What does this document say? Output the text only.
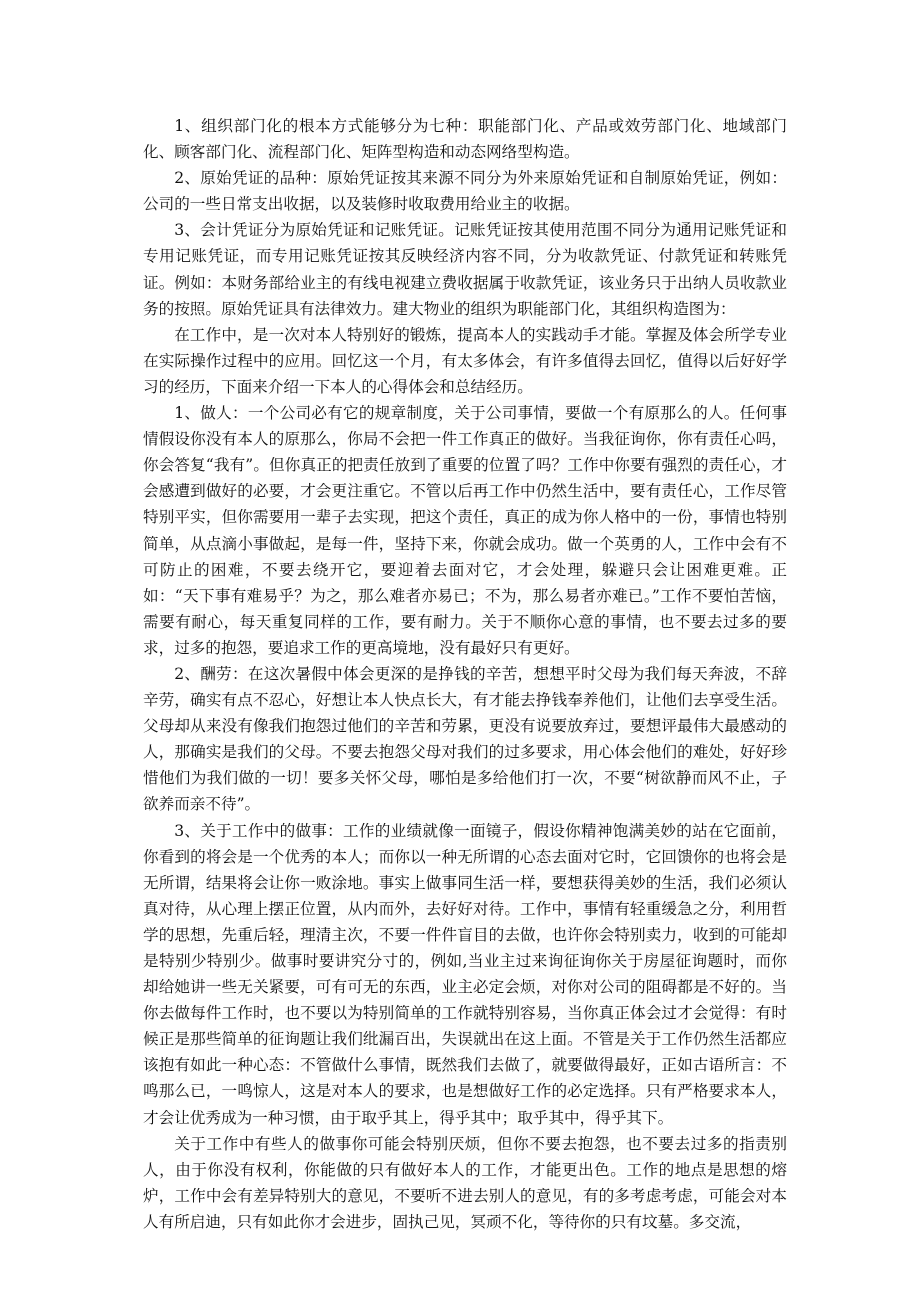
1、组织部门化的根本方式能够分为七种：职能部门化、产品或效劳部门化、地域部门化、顾客部门化、流程部门化、矩阵型构造和动态网络型构造。

2、原始凭证的品种：原始凭证按其来源不同分为外来原始凭证和自制原始凭证，例如：公司的一些日常支出收据，以及装修时收取费用给业主的收据。

3、会计凭证分为原始凭证和记账凭证。记账凭证按其使用范围不同分为通用记账凭证和专用记账凭证，而专用记账凭证按其反映经济内容不同，分为收款凭证、付款凭证和转账凭证。例如：本财务部给业主的有线电视建立费收据属于收款凭证，该业务只于出纳人员收款业务的按照。原始凭证具有法律效力。建大物业的组织为职能部门化，其组织构造图为：

在工作中，是一次对本人特别好的锻炼，提高本人的实践动手才能。掌握及体会所学专业在实际操作过程中的应用。回忆这一个月，有太多体会，有许多值得去回忆，值得以后好好学习的经历，下面来介绍一下本人的心得体会和总结经历。

1、做人：一个公司必有它的规章制度，关于公司事情，要做一个有原那么的人。任何事情假设你没有本人的原那么，你局不会把一件工作真正的做好。当我征询你，你有责任心吗，你会答复“我有”。但你真正的把责任放到了重要的位置了吗？工作中你要有强烈的责任心，才会感遭到做好的必要，才会更注重它。不管以后再工作中仍然生活中，要有责任心，工作尽管特别平实，但你需要用一辈子去实现，把这个责任，真正的成为你人格中的一份，事情也特别简单，从点滴小事做起，是每一件，坚持下来，你就会成功。做一个英勇的人，工作中会有不可防止的困难，不要去绕开它，要迎着去面对它，才会处理，躲避只会让困难更难。正如：“天下事有难易乎？为之，那么难者亦易已；不为，那么易者亦难已。”工作不要怕苦恼，需要有耐心，每天重复同样的工作，要有耐力。关于不顺你心意的事情，也不要去过多的要求，过多的抱怨，要追求工作的更高境地，没有最好只有更好。

2、酬劳：在这次暑假中体会更深的是挣钱的辛苦，想想平时父母为我们每天奔波，不辞辛劳，确实有点不忍心，好想让本人快点长大，有才能去挣钱奉养他们，让他们去享受生活。父母却从来没有像我们抱怨过他们的辛苦和劳累，更没有说要放弃过，要想评最伟大最感动的人，那确实是我们的父母。不要去抱怨父母对我们的过多要求，用心体会他们的难处，好好珍惜他们为我们做的一切！要多关怀父母，哪怕是多给他们打一次，不要“树欲静而风不止，子欲养而亲不待”。

3、关于工作中的做事：工作的业绩就像一面镜子，假设你精神饱满美妙的站在它面前，你看到的将会是一个优秀的本人；而你以一种无所谓的心态去面对它时，它回馈你的也将会是无所谓，结果将会让你一败涂地。事实上做事同生活一样，要想获得美妙的生活，我们必须认真对待，从心理上摆正位置，从内而外，去好好对待。工作中，事情有轻重缓急之分，利用哲学的思想，先重后轻，理清主次，不要一件件盲目的去做，也许你会特别卖力，收到的可能却是特别少特别少。做事时要讲究分寸的，例如,当业主过来询征询你关于房屋征询题时，而你却给她讲一些无关紧要，可有可无的东西，业主必定会烦，对你对公司的阻碍都是不好的。当你去做每件工作时，也不要以为特别简单的工作就特别容易，当你真正体会过才会觉得：有时候正是那些简单的征询题让我们纰漏百出，失误就出在这上面。不管是关于工作仍然生活都应该抱有如此一种心态：不管做什么事情，既然我们去做了，就要做得最好，正如古语所言：不鸣那么已，一鸣惊人，这是对本人的要求，也是想做好工作的必定选择。只有严格要求本人，才会让优秀成为一种习惯，由于取乎其上，得乎其中；取乎其中，得乎其下。

关于工作中有些人的做事你可能会特别厌烦，但你不要去抱怨，也不要去过多的指责别人，由于你没有权利，你能做的只有做好本人的工作，才能更出色。工作的地点是思想的熔炉，工作中会有差异特别大的意见，不要听不进去别人的意见，有的多考虑考虑，可能会对本人有所启迪，只有如此你才会进步，固执己见，冥顽不化，等待你的只有坟墓。多交流，
